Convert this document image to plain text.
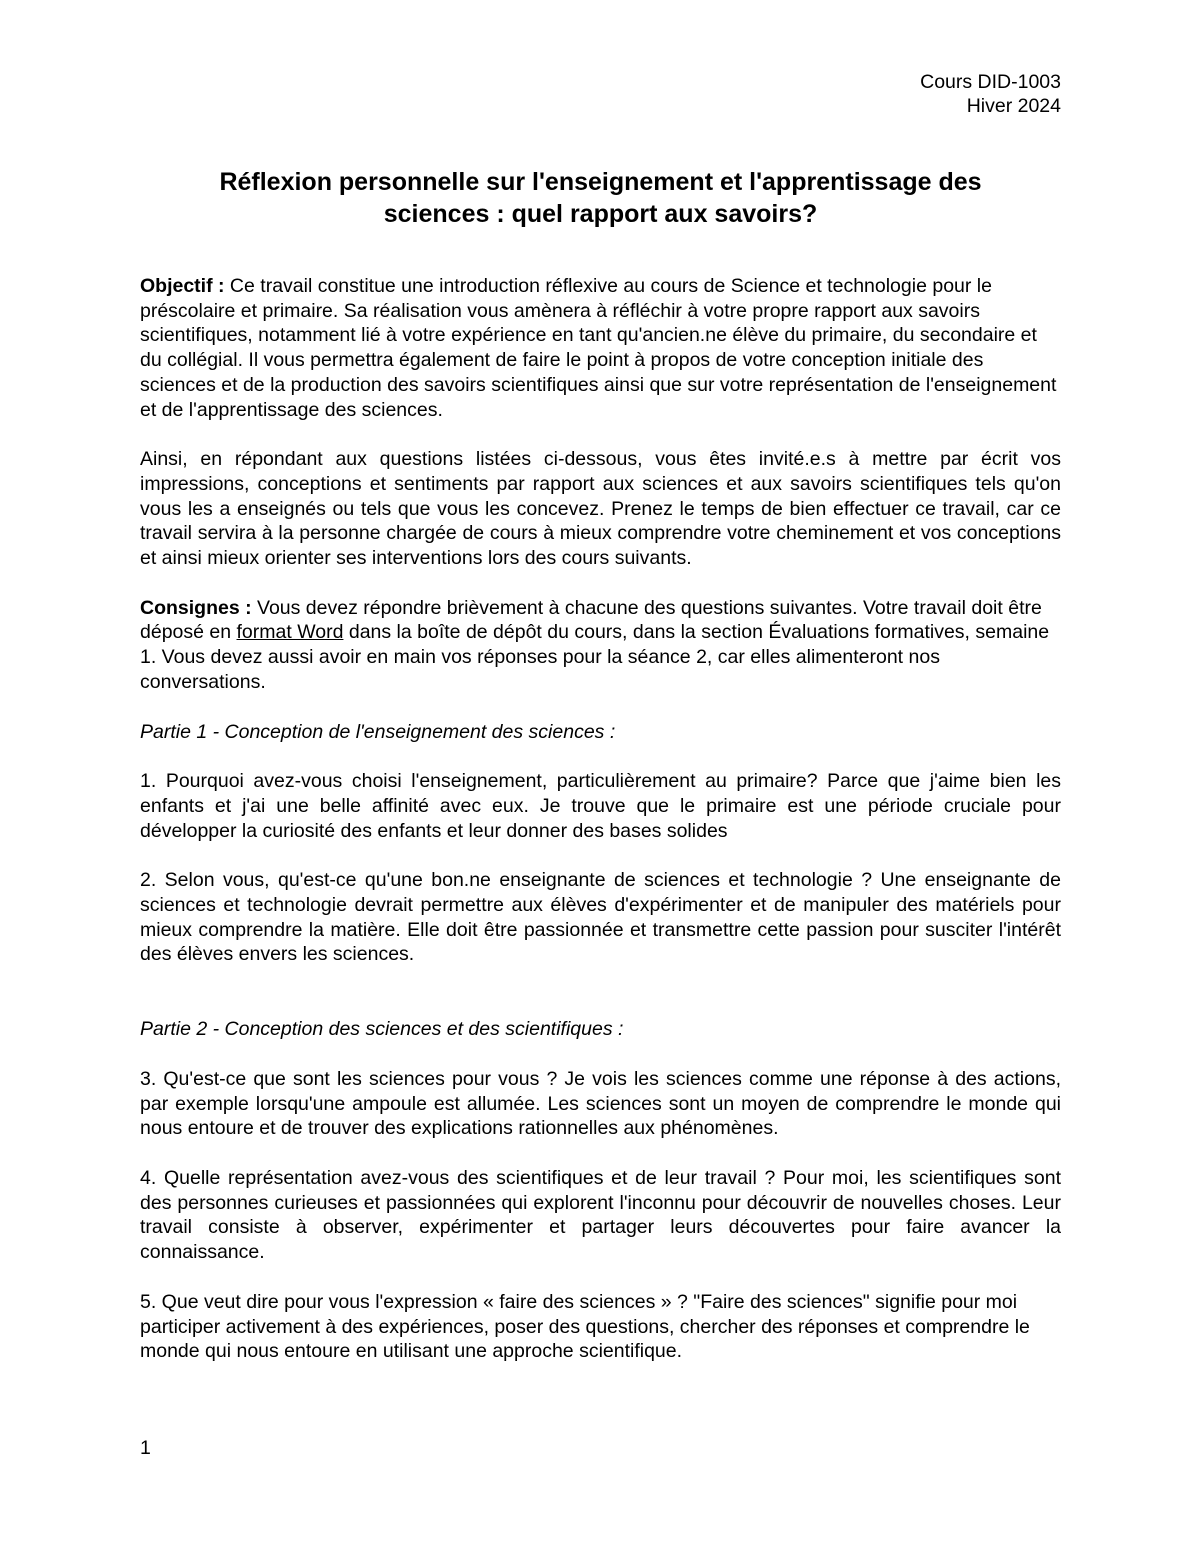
Cours DID-1003
Hiver 2024
Réflexion personnelle sur l'enseignement et l'apprentissage des
sciences : quel rapport aux savoirs?

Objectif : Ce travail constitue une introduction réflexive au cours de Science et technologie pour le préscolaire et primaire. Sa réalisation vous amènera à réfléchir à votre propre rapport aux savoirs scientifiques, notamment lié à votre expérience en tant qu'ancien.ne élève du primaire, du secondaire et du collégial. Il vous permettra également de faire le point à propos de votre conception initiale des sciences et de la production des savoirs scientifiques ainsi que sur votre représentation de l'enseignement et de l'apprentissage des sciences.

Ainsi, en répondant aux questions listées ci-dessous, vous êtes invité.e.s à mettre par écrit vos impressions, conceptions et sentiments par rapport aux sciences et aux savoirs scientifiques tels qu'on vous les a enseignés ou tels que vous les concevez. Prenez le temps de bien effectuer ce travail, car ce travail servira à la personne chargée de cours à mieux comprendre votre cheminement et vos conceptions et ainsi mieux orienter ses interventions lors des cours suivants.

Consignes : Vous devez répondre brièvement à chacune des questions suivantes. Votre travail doit être déposé en format Word dans la boîte de dépôt du cours, dans la section Évaluations formatives, semaine 1. Vous devez aussi avoir en main vos réponses pour la séance 2, car elles alimenteront nos conversations.

Partie 1 - Conception de l'enseignement des sciences :

1. Pourquoi avez-vous choisi l'enseignement, particulièrement au primaire? Parce que j'aime bien les enfants et j'ai une belle affinité avec eux. Je trouve que le primaire est une période cruciale pour développer la curiosité des enfants et leur donner des bases solides

2. Selon vous, qu'est-ce qu'une bon.ne enseignante de sciences et technologie ? Une enseignante de sciences et technologie devrait permettre aux élèves d'expérimenter et de manipuler des matériels pour mieux comprendre la matière. Elle doit être passionnée et transmettre cette passion pour susciter l'intérêt des élèves envers les sciences.

Partie 2 - Conception des sciences et des scientifiques :

3. Qu'est-ce que sont les sciences pour vous ? Je vois les sciences comme une réponse à des actions, par exemple lorsqu'une ampoule est allumée. Les sciences sont un moyen de comprendre le monde qui nous entoure et de trouver des explications rationnelles aux phénomènes.

4. Quelle représentation avez-vous des scientifiques et de leur travail ? Pour moi, les scientifiques sont des personnes curieuses et passionnées qui explorent l'inconnu pour découvrir de nouvelles choses. Leur travail consiste à observer, expérimenter et partager leurs découvertes pour faire avancer la connaissance.

5. Que veut dire pour vous l'expression « faire des sciences » ? "Faire des sciences" signifie pour moi participer activement à des expériences, poser des questions, chercher des réponses et comprendre le monde qui nous entoure en utilisant une approche scientifique.

1
